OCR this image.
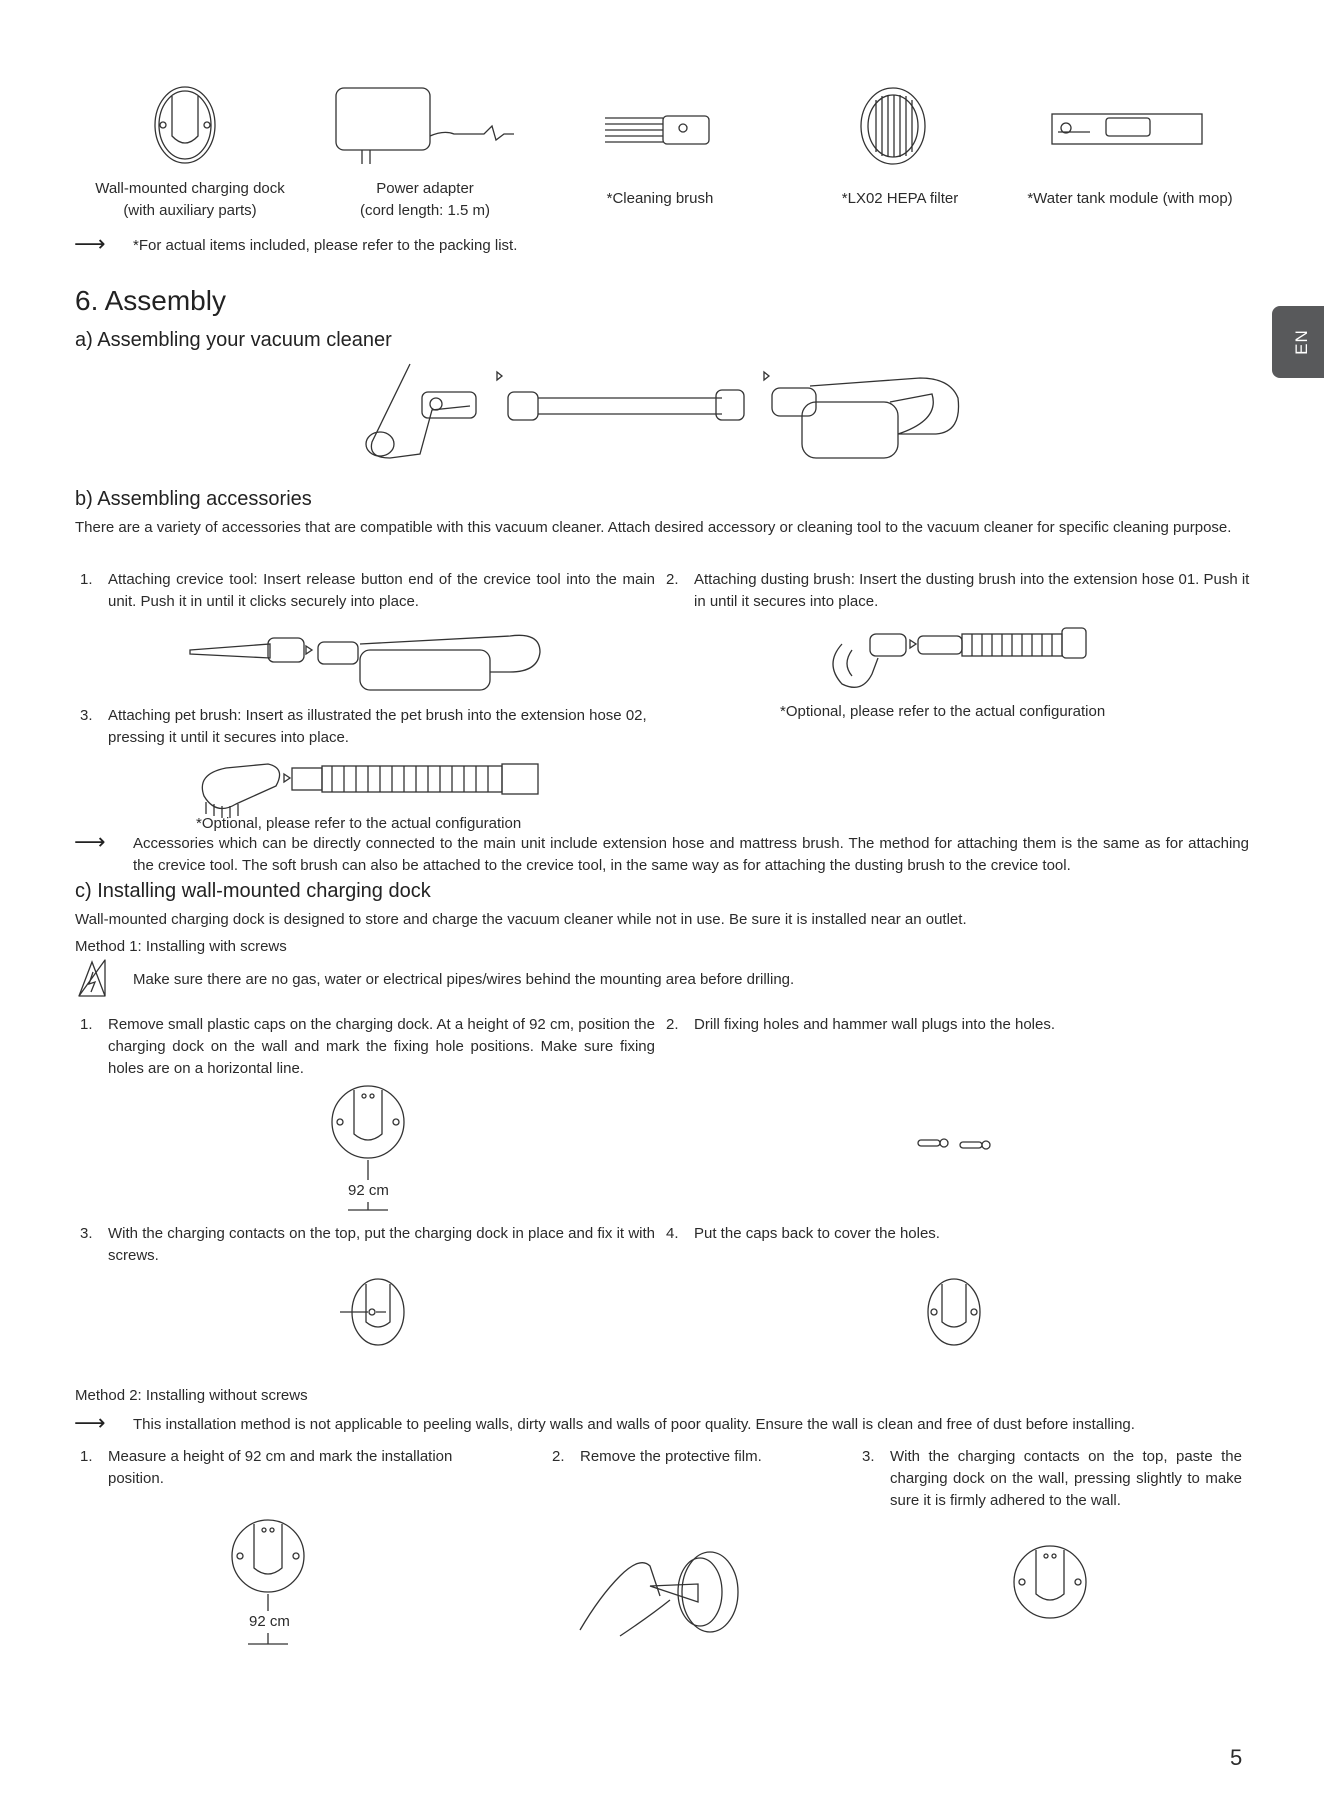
Wall-mounted charging dock
(with auxiliary parts)
Power adapter
(cord length: 1.5 m)
*Cleaning brush	*LX02 HEPA filter	*Water tank module (with mop)
⟶ *For actual items included, please refer to the packing list.
6. Assembly
a) Assembling your vacuum cleaner
b) Assembling accessories
There are a variety of accessories that are compatible with this vacuum cleaner. Attach desired accessory or cleaning tool to the vacuum cleaner for specific cleaning purpose.
1.	Attaching crevice tool: Insert release button end of the crevice tool into the main unit. Push it in until it clicks securely into place.
2.	Attaching dusting brush: Insert the dusting brush into the extension hose 01. Push it in until it secures into place.
3.	Attaching pet brush: Insert as illustrated the pet brush into the extension hose 02, pressing it until it secures into place.
*Optional, please refer to the actual configuration
*Optional, please refer to the actual configuration
⟶ Accessories which can be directly connected to the main unit include extension hose and mattress brush. The method for attaching them is the same as for attaching the crevice tool. The soft brush can also be attached to the crevice tool, in the same way as for attaching the dusting brush to the crevice tool.
c) Installing wall-mounted charging dock
Wall-mounted charging dock is designed to store and charge the vacuum cleaner while not in use. Be sure it is installed near an outlet.
Method 1: Installing with screws
Make sure there are no gas, water or electrical pipes/wires behind the mounting area before drilling.
1.	Remove small plastic caps on the charging dock. At a height of 92 cm, position the charging dock on the wall and mark the fixing hole positions. Make sure fixing holes are on a horizontal line.
2.	Drill fixing holes and hammer wall plugs into the holes.
92 cm
3.	With the charging contacts on the top, put the charging dock in place and fix it with screws.
4.	Put the caps back to cover the holes.
Method 2: Installing without screws
⟶ This installation method is not applicable to peeling walls, dirty walls and walls of poor quality. Ensure the wall is clean and free of dust before installing.
1.	Measure a height of 92 cm and mark the installation position.
2.	Remove the protective film.	3.	With the charging contacts on the top, paste the charging dock on the wall, pressing slightly to make sure it is firmly adhered to the wall.
92 cm
EN
5
